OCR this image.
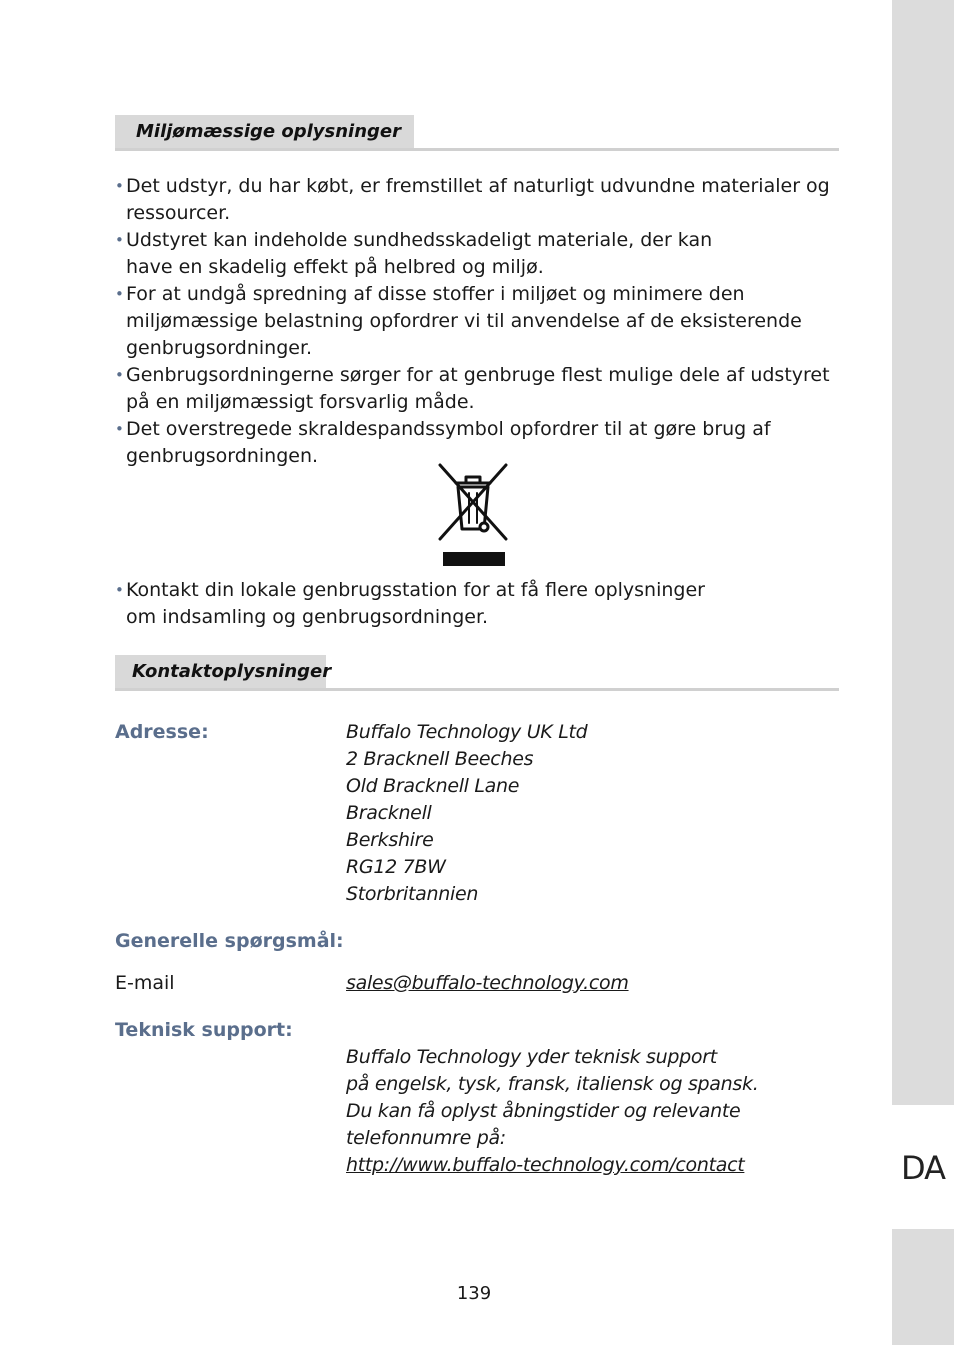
DA
Miljømæssige oplysninger
• Det udstyr, du har købt, er fremstillet af naturligt udvundne materialer og
ressourcer.
• Udstyret kan indeholde sundhedsskadeligt materiale, der kan
have en skadelig effekt på helbred og miljø.
• For at undgå spredning af disse stoffer i miljøet og minimere den
miljømæssige belastning opfordrer vi til anvendelse af de eksisterende
genbrugsordninger.
• Genbrugsordningerne sørger for at genbruge flest mulige dele af udstyret
på en miljømæssigt forsvarlig måde.
• Det overstregede skraldespandssymbol opfordrer til at gøre brug af
genbrugsordningen.
• Kontakt din lokale genbrugsstation for at få flere oplysninger
om indsamling og genbrugsordninger.
Kontaktoplysninger
Adresse:	Buffalo Technology UK Ltd
2 Bracknell Beeches
Old Bracknell Lane
Bracknell
Berkshire
RG12 7BW
Storbritannien
Generelle spørgsmål:
E-mail	sales@buffalo-technology.com
Teknisk support:
Buffalo Technology yder teknisk support
på engelsk, tysk, fransk, italiensk og spansk.
Du kan få oplyst åbningstider og relevante
telefonnumre på:
http://www.buffalo-technology.com/contact
139
